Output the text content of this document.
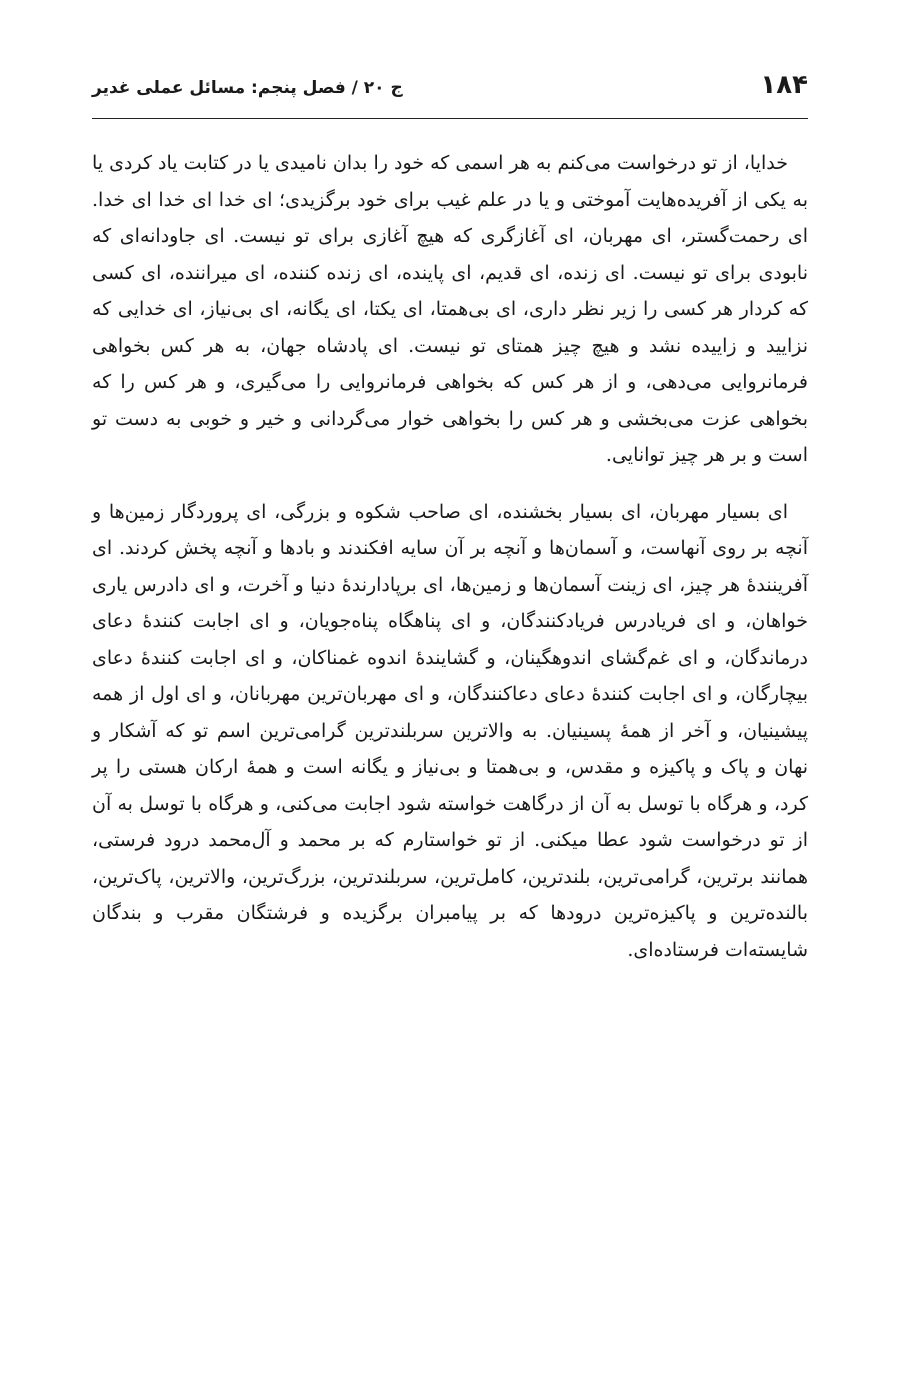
۱۸۴
ج ۲۰ / فصل پنجم: مسائل عملی غدیر

خدایا، از تو درخواست می‌کنم به هر اسمی که خود را بدان نامیدی یا در کتابت یاد کردی یا به یکی از آفریده‌هایت آموختی و یا در علم غیب برای خود برگزیدی؛ ای خدا ای خدا ای خدا. ای رحمت‌گستر، ای مهربان، ای آغازگری که هیچ آغازی برای تو نیست. ای جاودانه‌ای که نابودی برای تو نیست. ای زنده، ای قدیم، ای پاینده، ای زنده کننده، ای میراننده، ای کسی که کردار هر کسی را زیر نظر داری، ای بی‌همتا، ای یکتا، ای یگانه، ای بی‌نیاز، ای خدایی که نزایید و زاییده نشد و هیچ چیز همتای تو نیست. ای پادشاه جهان، به هر کس بخواهی فرمانروایی می‌دهی، و از هر کس که بخواهی فرمانروایی را می‌گیری، و هر کس را که بخواهی عزت می‌بخشی و هر کس را بخواهی خوار می‌گردانی و خیر و خوبی به دست تو است و بر هر چیز توانایی.

ای بسیار مهربان، ای بسیار بخشنده، ای صاحب شکوه و بزرگی، ای پروردگار زمین‌ها و آنچه بر روی آنهاست، و آسمان‌ها و آنچه بر آن سایه افکندند و بادها و آنچه پخش کردند. ای آفرینندهٔ هر چیز، ای زینت آسمان‌ها و زمین‌ها، ای برپادارندهٔ دنیا و آخرت، و ای دادرس یاری خواهان، و ای فریادرس فریادکنندگان، و ای پناهگاه پناه‌جویان، و ای اجابت کنندهٔ دعای درماندگان، و ای غم‌گشای اندوهگینان، و گشایندهٔ اندوه غمناکان، و ای اجابت کنندهٔ دعای بیچارگان، و ای اجابت کنندهٔ دعای دعاکنندگان، و ای مهربان‌ترین مهربانان، و ای اول از همه پیشینیان، و آخر از همهٔ پسینیان. به والاترین سربلندترین گرامی‌ترین اسم تو که آشکار و نهان و پاک و پاکیزه و مقدس، و بی‌همتا و بی‌نیاز و یگانه است و همهٔ ارکان هستی را پر کرد، و هرگاه با توسل به آن از درگاهت خواسته شود اجابت می‌کنی، و هرگاه با توسل به آن از تو درخواست شود عطا میکنی. از تو خواستارم که بر محمد و آل‌محمد درود فرستی، همانند برترین، گرامی‌ترین، بلندترین، کامل‌ترین، سربلندترین، بزرگ‌ترین، والاترین، پاک‌ترین، بالنده‌ترین و پاکیزه‌ترین درودها که بر پیامبران برگزیده و فرشتگان مقرب و بندگان شایسته‌ات فرستاده‌ای.
